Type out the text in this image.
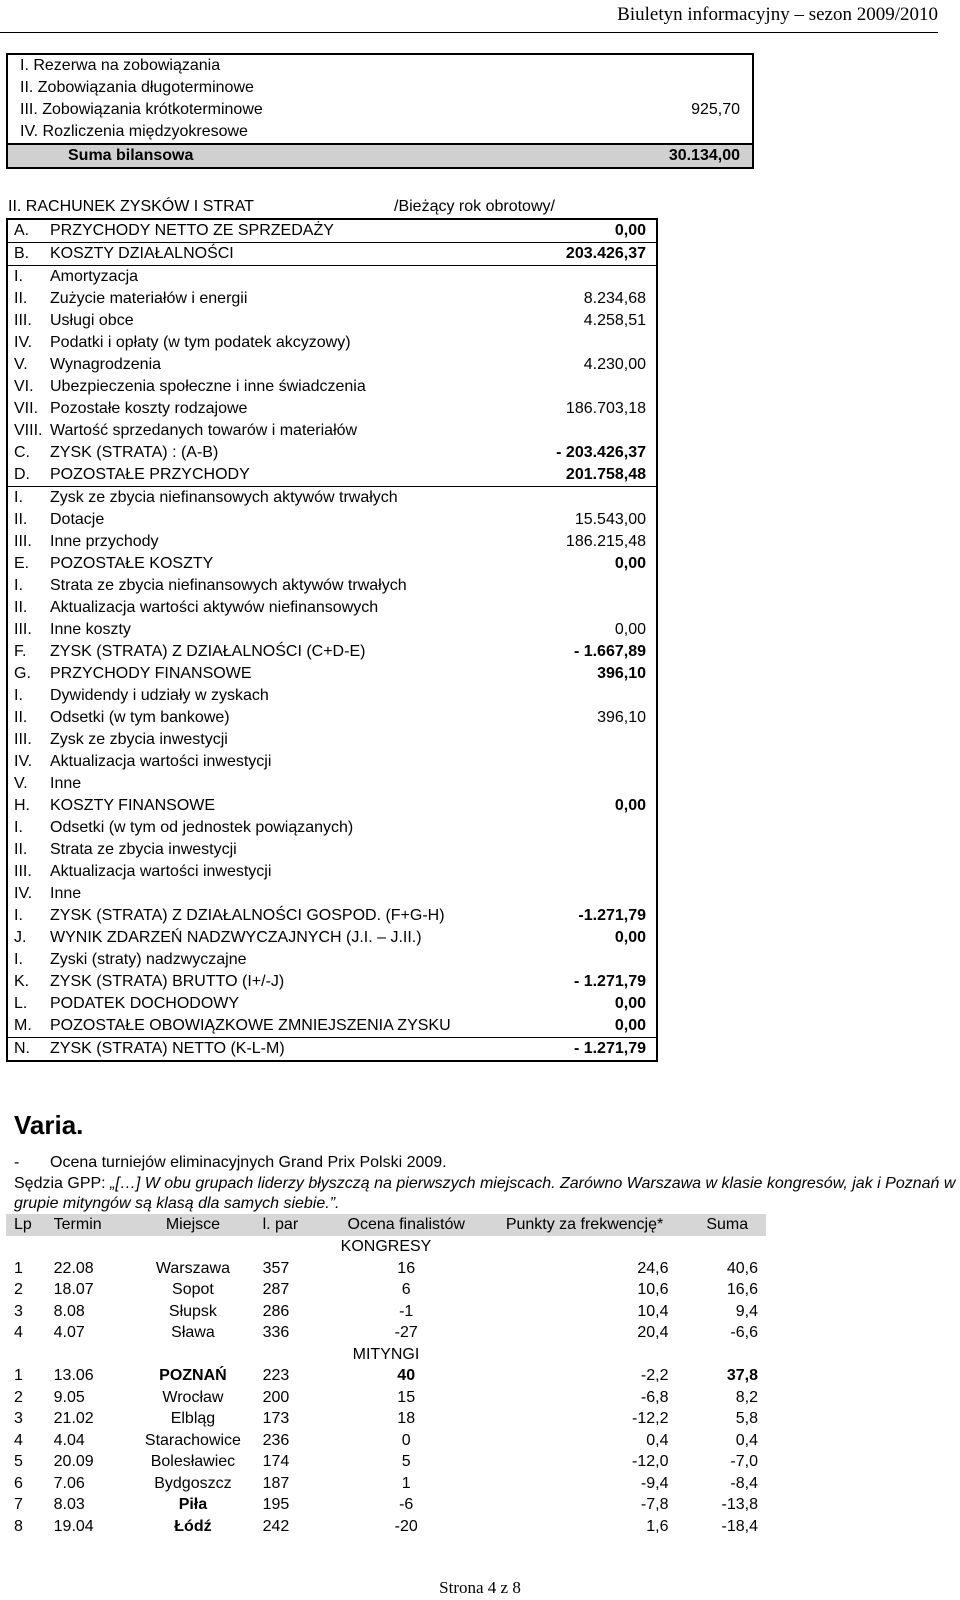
Biuletyn informacyjny – sezon 2009/2010
I. Rezerwa na zobowiązania	
II. Zobowiązania długoterminowe	
III. Zobowiązania krótkoterminowe	925,70
IV. Rozliczenia międzyokresowe	
Suma bilansowa	30.134,00
II. RACHUNEK ZYSKÓW I STRAT	/Bieżący rok obrotowy/
A. PRZYCHODY NETTO ZE SPRZEDAŻY	0,00
B. KOSZTY DZIAŁALNOŚCI	203.426,37
I. Amortyzacja	
II. Zużycie materiałów i energii	8.234,68
III. Usługi obce	4.258,51
IV. Podatki i opłaty (w tym podatek akcyzowy)	
V. Wynagrodzenia	4.230,00
VI. Ubezpieczenia społeczne i inne świadczenia	
VII. Pozostałe koszty rodzajowe	186.703,18
VIII. Wartość sprzedanych towarów i materiałów	
C. ZYSK (STRATA) : (A-B)	- 203.426,37
D. POZOSTAŁE PRZYCHODY	201.758,48
I. Zysk ze zbycia niefinansowych aktywów trwałych	
II. Dotacje	15.543,00
III. Inne przychody	186.215,48
E. POZOSTAŁE KOSZTY	0,00
I. Strata ze zbycia niefinansowych aktywów trwałych	
II. Aktualizacja wartości aktywów niefinansowych	
III. Inne koszty	0,00
F. ZYSK (STRATA) Z DZIAŁALNOŚCI (C+D-E)	- 1.667,89
G. PRZYCHODY FINANSOWE	396,10
I. Dywidendy i udziały w zyskach	
II. Odsetki (w tym bankowe)	396,10
III. Zysk ze zbycia inwestycji	
IV. Aktualizacja wartości inwestycji	
V. Inne	
H. KOSZTY FINANSOWE	0,00
I. Odsetki (w tym od jednostek powiązanych)	
II. Strata ze zbycia inwestycji	
III. Aktualizacja wartości inwestycji	
IV. Inne	
I. ZYSK (STRATA) Z DZIAŁALNOŚCI GOSPOD. (F+G-H)	-1.271,79
J. WYNIK ZDARZEŃ NADZWYCZAJNYCH (J.I. – J.II.)	0,00
I. Zyski (straty) nadzwyczajne	
K. ZYSK (STRATA) BRUTTO (I+/-J)	- 1.271,79
L. PODATEK DOCHODOWY	0,00
M. POZOSTAŁE OBOWIĄZKOWE ZMNIEJSZENIA ZYSKU	0,00
N. ZYSK (STRATA) NETTO (K-L-M)	- 1.271,79
Varia.
- Ocena turniejów eliminacyjnych Grand Prix Polski 2009.
Sędzia GPP: „[…] W obu grupach liderzy błyszczą na pierwszych miejscach. Zarówno Warszawa w klasie kongresów, jak i Poznań w grupie mityngów są klasą dla samych siebie.”.
Lp	Termin	Miejsce	l. par	Ocena finalistów	Punkty za frekwencję*	Suma
KONGRESY						
1	22.08	Warszawa	357	16	24,6	40,6
2	18.07	Sopot	287	6	10,6	16,6
3	8.08	Słupsk	286	-1	10,4	9,4
4	4.07	Sława	336	-27	20,4	-6,6
MITYNGI						
1	13.06	POZNAŃ	223	40	-2,2	37,8
2	9.05	Wrocław	200	15	-6,8	8,2
3	21.02	Elbląg	173	18	-12,2	5,8
4	4.04	Starachowice	236	0	0,4	0,4
5	20.09	Bolesławiec	174	5	-12,0	-7,0
6	7.06	Bydgoszcz	187	1	-9,4	-8,4
7	8.03	Piła	195	-6	-7,8	-13,8
8	19.04	Łódź	242	-20	1,6	-18,4
Strona 4 z 8
